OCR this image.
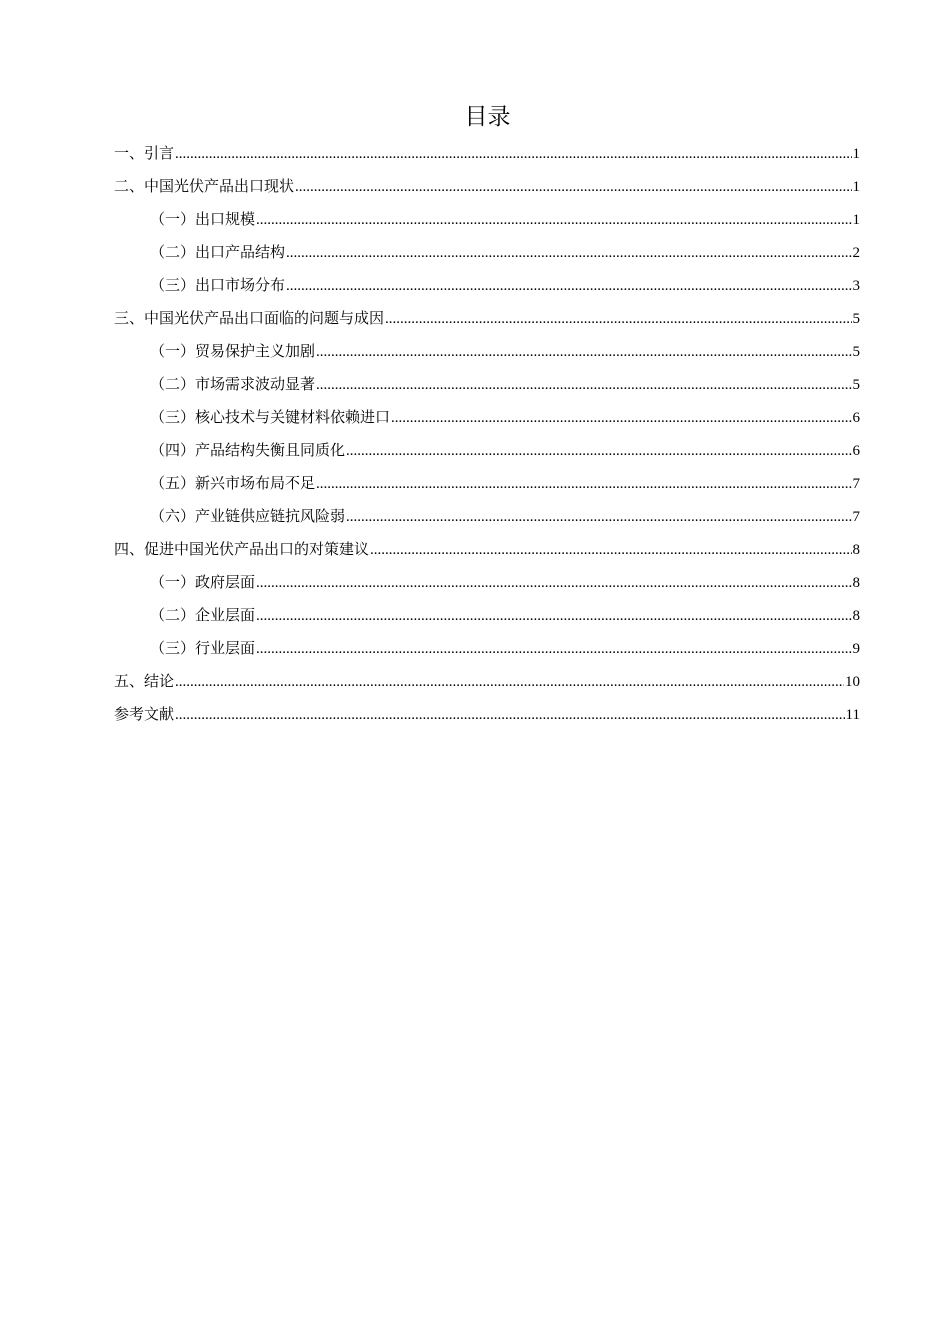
目录
一、引言 .....	1
二、中国光伏产品出口现状 .....	1
（一）出口规模 .....	1
（二）出口产品结构 .....	2
（三）出口市场分布 .....	3
三、中国光伏产品出口面临的问题与成因 .....	5
（一）贸易保护主义加剧 .....	5
（二）市场需求波动显著 .....	5
（三）核心技术与关键材料依赖进口 .....	6
（四）产品结构失衡且同质化 .....	6
（五）新兴市场布局不足 .....	7
（六）产业链供应链抗风险弱 .....	7
四、促进中国光伏产品出口的对策建议 .....	8
（一）政府层面 .....	8
（二）企业层面 .....	8
（三）行业层面 .....	9
五、结论 .....	10
参考文献 .....	11
